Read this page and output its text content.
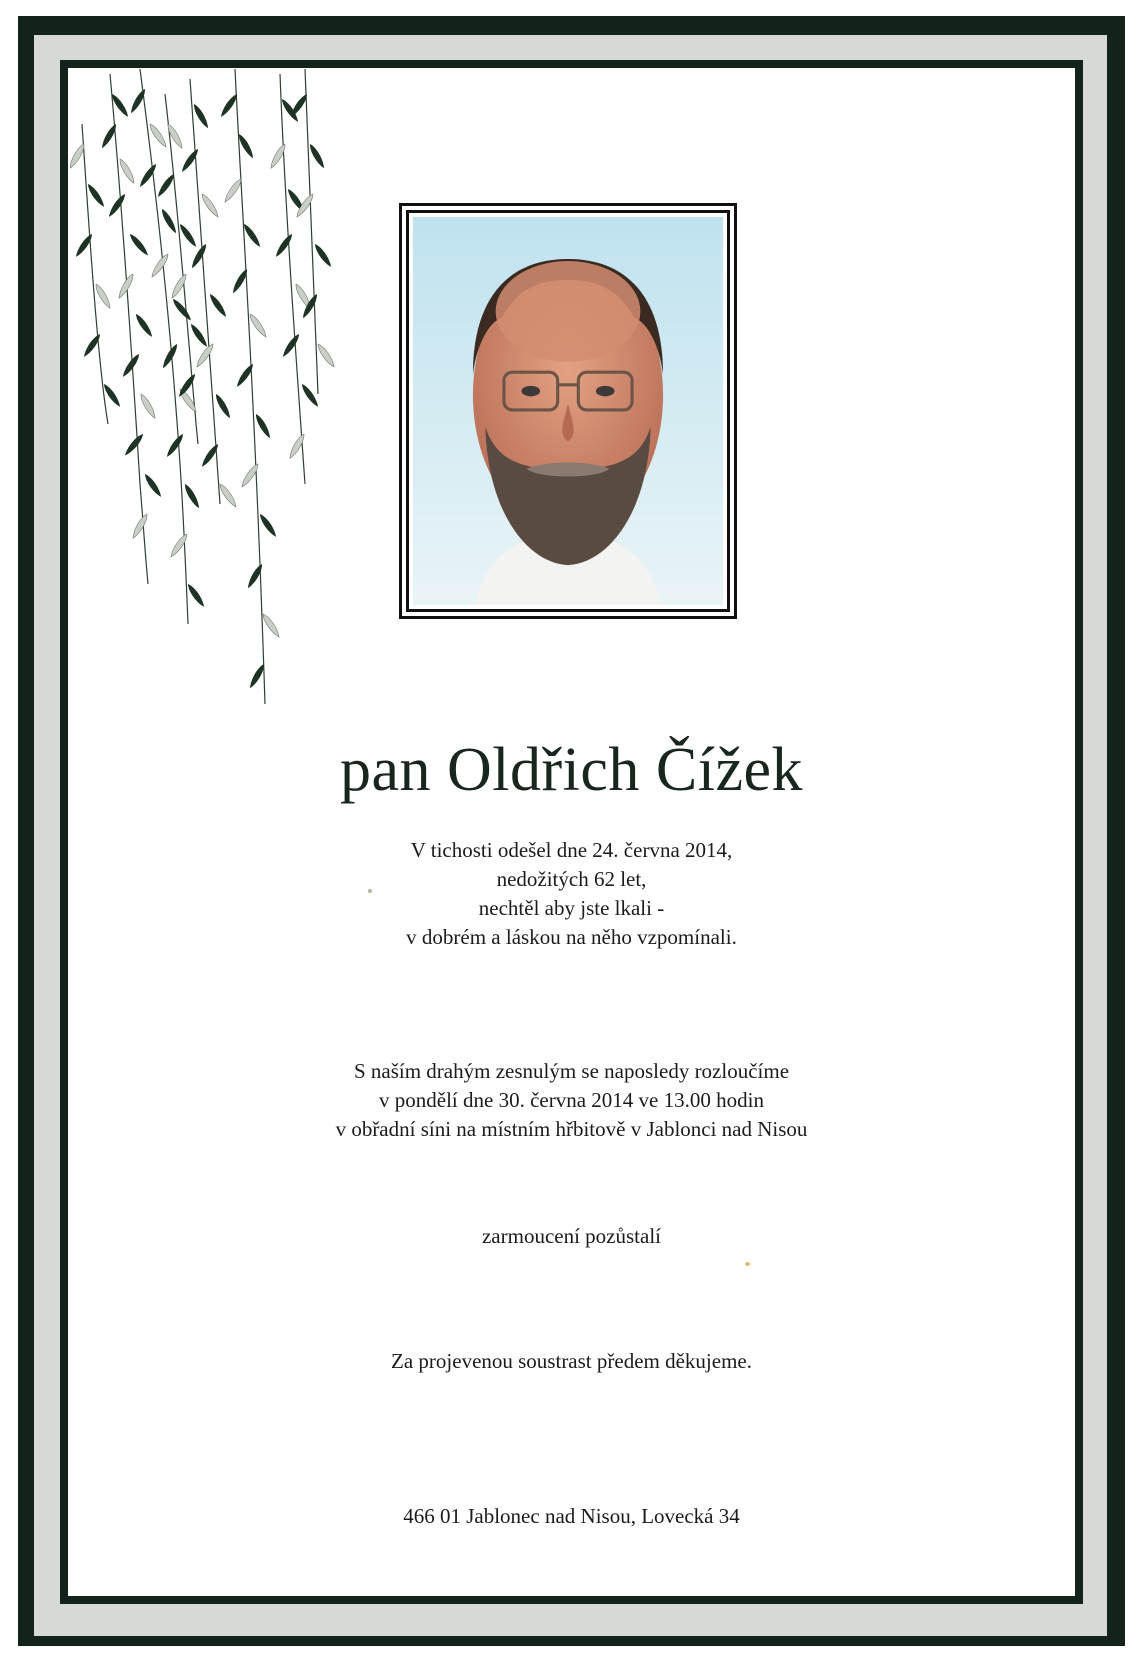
pan Oldřich Čížek
V tichosti odešel dne 24. června 2014,
nedožitých 62 let,
nechtěl aby jste lkali -
v dobrém a láskou na něho vzpomínali.
S naším drahým zesnulým se naposledy rozloučíme
v pondělí dne 30. června 2014 ve 13.00 hodin
v obřadní síni na místním hřbitově v Jablonci nad Nisou
zarmoucení pozůstalí
Za projevenou soustrast předem děkujeme.
466 01 Jablonec nad Nisou, Lovecká 34
